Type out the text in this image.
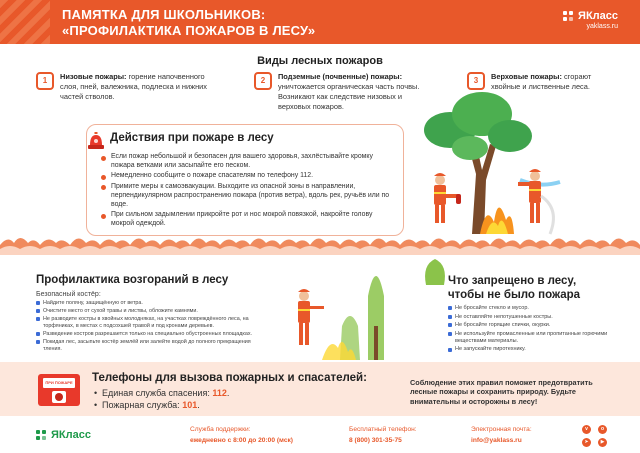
ПАМЯТКА ДЛЯ ШКОЛЬНИКОВ:
«ПРОФИЛАКТИКА ПОЖАРОВ В ЛЕСУ»
ЯКласс
yaklass.ru
Виды лесных пожаров
1	Низовые пожары: горение напочвенного слоя, пней, валежника, подлеска и нижних частей стволов.
2	Подземные (почвенные) пожары: уничтожается органическая часть почвы. Возникают как следствие низовых и верховых пожаров.
3	Верховые пожары: сгорают хвойные и лиственные леса.
Если пожар небольшой и безопасен для вашего здоровья, захлёстывайте кромку пожара ветками или засыпайте его песком.
Немедленно сообщите о пожаре спасателям по телефону 112.
Примите меры к самоэвакуации. Выходите из опасной зоны в направлении, перпендикулярном распространению пожара (против ветра), вдоль рек, ручьёв или по воде.
При сильном задымлении прикройте рот и нос мокрой повязкой, накройте голову мокрой одеждой.
Действия при пожаре в лесу
Профилактика возгораний в лесу
Безопасный костёр:
Найдите поляну, защищённую от ветра.
Очистите место от сухой травы и листвы, обложите камнями.
Не разводите костры в хвойных молодняках, на участках повреждённого леса, на торфяниках, в местах с подсохшей травой и под кронами деревьев.
Разведение костров разрешается только на специально обустроенных площадках.
Покидая лес, засыпьте костёр землёй или залейте водой до полного прекращения тления.
Что запрещено в лесу,
чтобы не было пожара
Не бросайте стекло и мусор.
Не оставляйте непотушенные костры.
Не бросайте горящие спички, окурки.
Не используйте промасленные или пропитанные горючими веществами материалы.
Не запускайте пиротехнику.
ПРИ ПОЖАРЕ Телефоны для вызова пожарных и спасателей:
• Единая служба спасения: 112.
• Пожарная служба: 101.
Соблюдение этих правил поможет предотвратить лесные пожары и сохранить природу. Будьте внимательны и осторожны в лесу!
ЯКласс	Служба поддержки:
ежедневно с 8:00 до 20:00 (мск)
Бесплатный телефон:
8 (800) 301-35-75
Электронная почта:
info@yaklass.ru
v	o
➤	▶
